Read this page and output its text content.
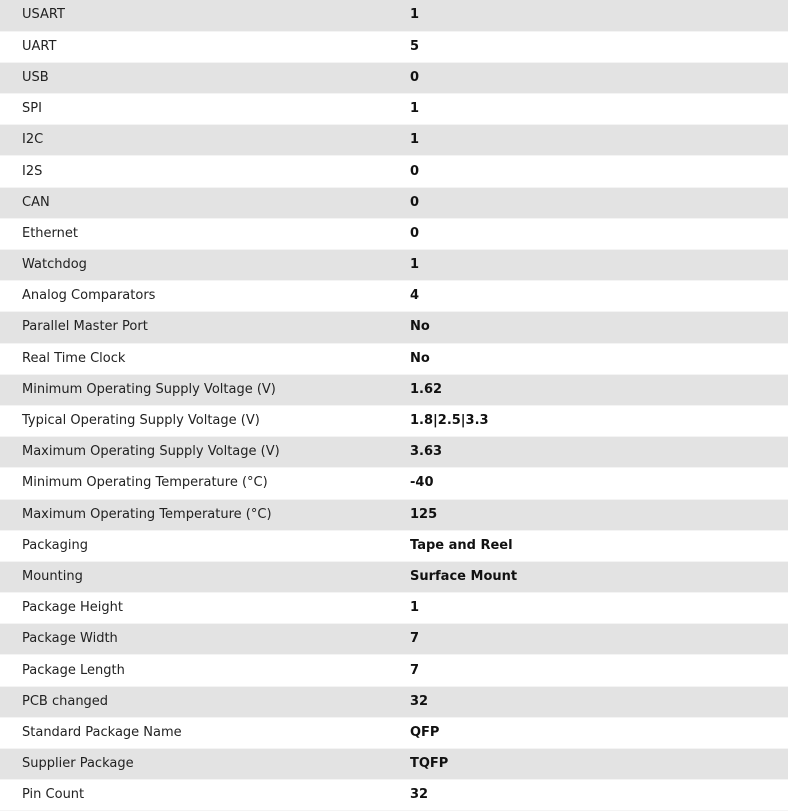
USART	1
UART	5
USB	0
SPI	1
I2C	1
I2S	0
CAN	0
Ethernet	0
Watchdog	1
Analog Comparators	4
Parallel Master Port	No
Real Time Clock	No
Minimum Operating Supply Voltage (V)	1.62
Typical Operating Supply Voltage (V)	1.8|2.5|3.3
Maximum Operating Supply Voltage (V)	3.63
Minimum Operating Temperature (°C)	-40
Maximum Operating Temperature (°C)	125
Packaging	Tape and Reel
Mounting	Surface Mount
Package Height	1
Package Width	7
Package Length	7
PCB changed	32
Standard Package Name	QFP
Supplier Package	TQFP
Pin Count	32
